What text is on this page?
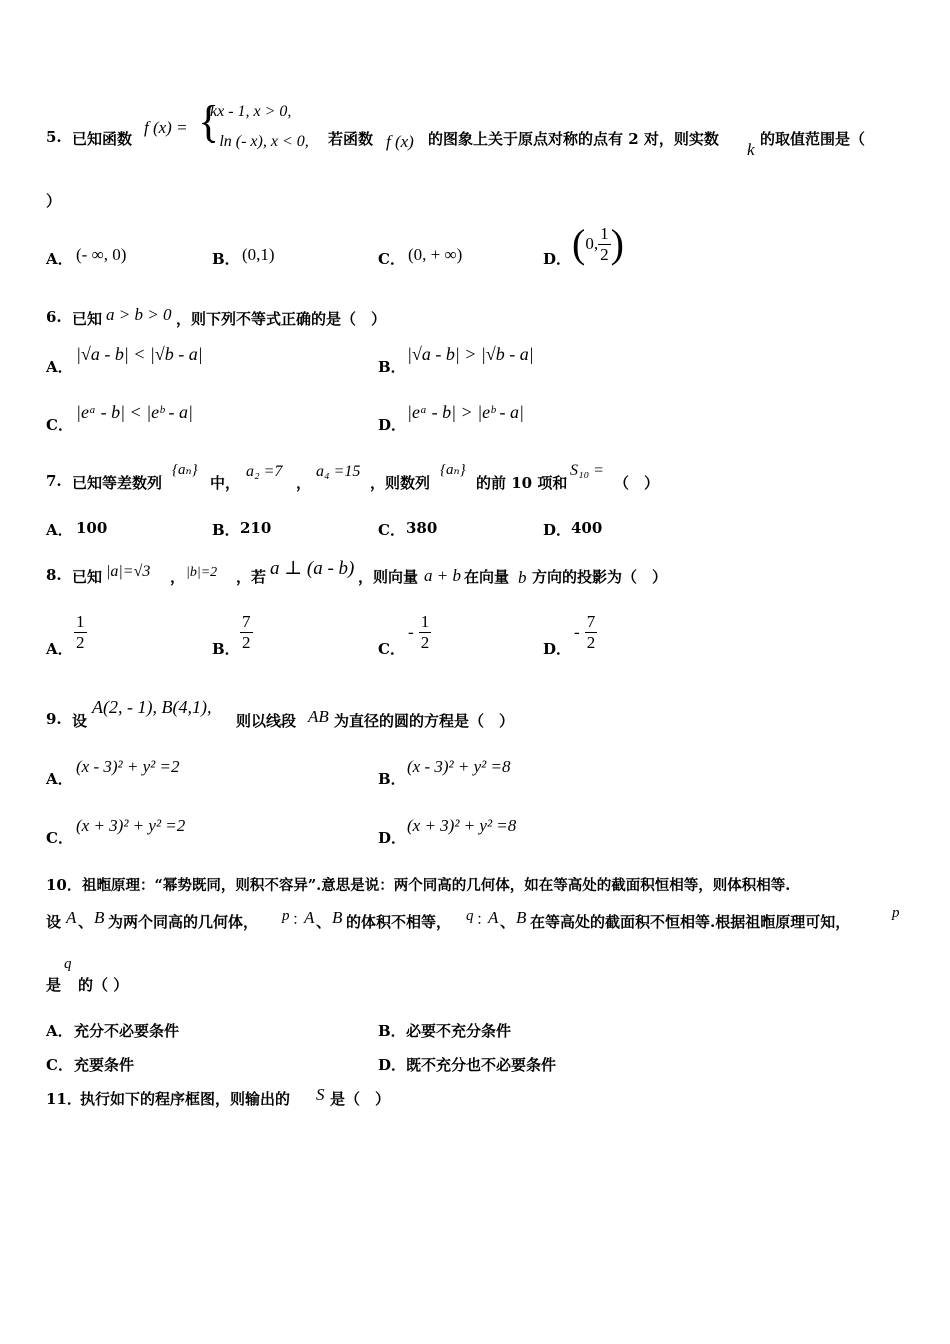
5. 已知函数
f (x) = {
kx - 1, x > 0,
- ln (- x), x < 0, 若函数 f (x) 的图象上关于原点对称的点有 2 对，则实数
k
的取值范围是（
）
A． (- ∞, 0)	B． (0,1)	C． (0, + ∞)	D． (0, $\frac{1}{2}$ )
6. 已知 a > b > 0 ，则下列不等式正确的是（　）
A．
|√a - b| < |√b - a|
B．
|√a - b| > |√b - a|
C．
|eᵃ - b| < |eᵇ - a|
D．
|eᵃ - b| > |eᵇ - a|
7. 已知等差数列
{aₙ}
中，
a₂ =7
，
a₄ =15
，则数列
{aₙ}
的前 10 项和
S₁₀ =
（　）
A． 100	B． 210	C． 380	D． 400
8. 已知 |a|=√3 ， |b|=2 ，若 a ⊥ (a - b) ，则向量 a + b 在向量 b 方向的投影为（　）
A． $\frac{1}{2}$	B． $\frac{7}{2}$	C．
- $\frac{1}{2}$	D．
- $\frac{7}{2}$
9. 设
A(2, - 1), B(4,1),
则以线段 AB 为直径的圆的方程是（　）
A．
(x - 3)² + y² =2
B．
(x - 3)² + y² =8
C．
(x + 3)² + y² =2
D．
(x + 3)² + y² =8
10． 祖暅原理：“幂势既同，则积不容异”.意思是说：两个同高的几何体，如在等高处的截面积恒相等，则体积相等.
设 A 、 B 为两个同高的几何体， p ：
A 、 B 的体积不相等， q ：
A 、 B 在等高处的截面积不恒相等.根据祖暅原理可知，	p
是
q
的（ ）
A． 充分不必要条件	B． 必要不充分条件
C． 充要条件	D． 既不充分也不必要条件
11．
执行如下的程序框图，则输出的 S 是（　）
